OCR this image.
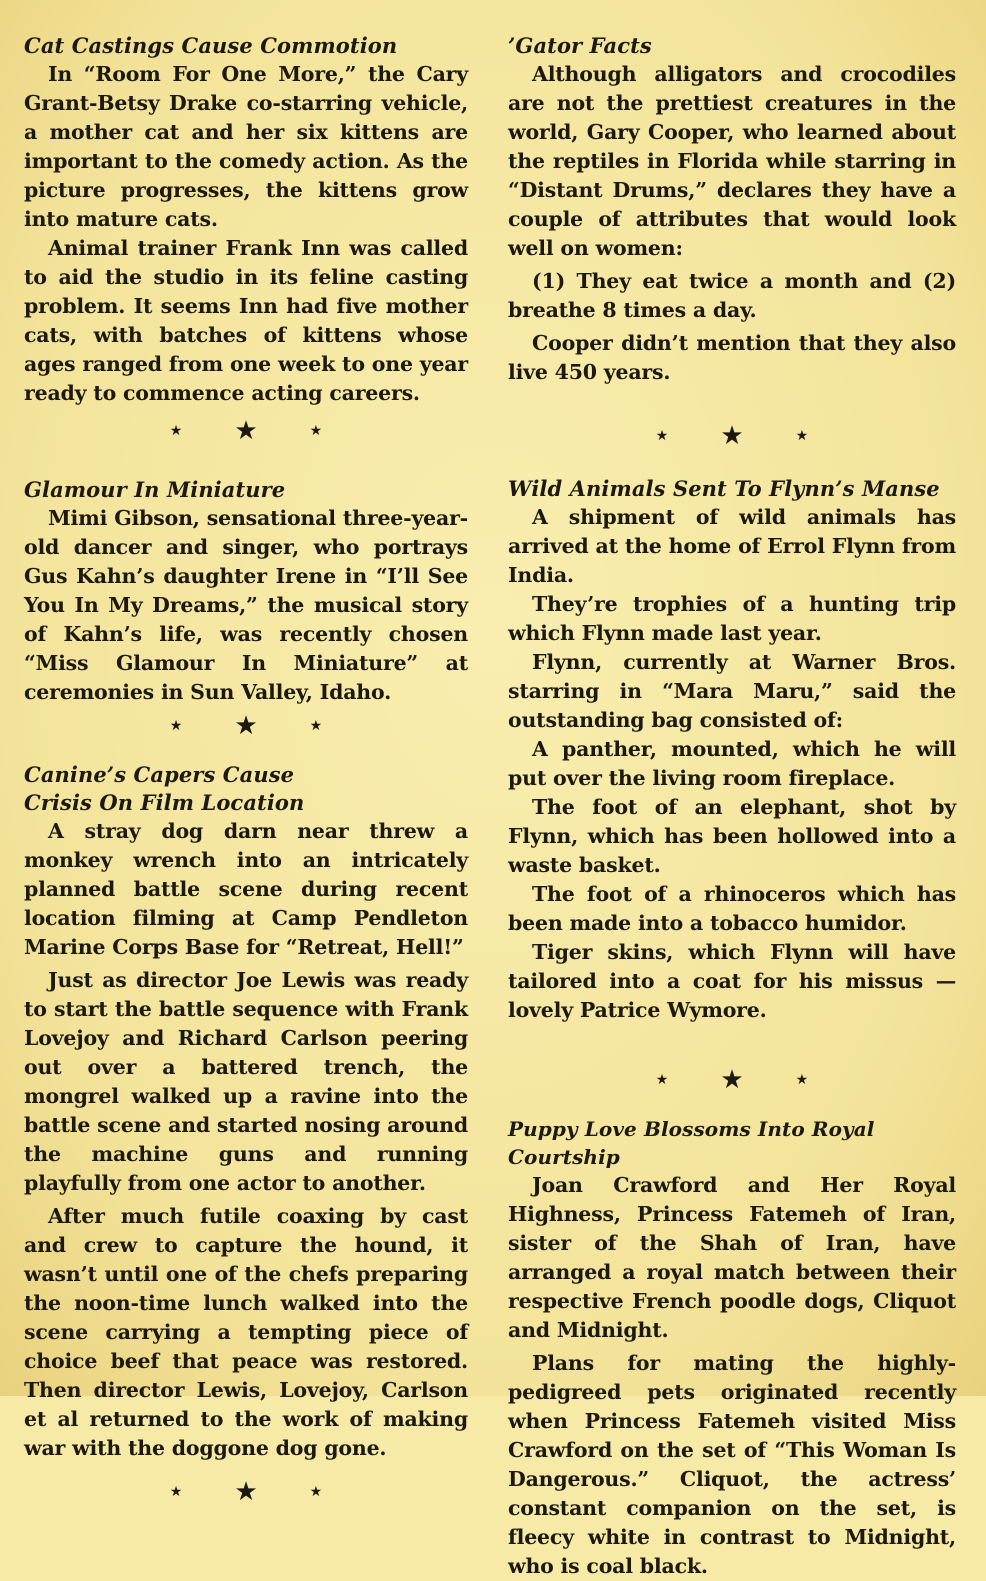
Cat Castings Cause Commotion

In “Room For One More,” the Cary Grant-Betsy Drake co-starring vehicle, a mother cat and her six kittens are important to the comedy action. As the picture progresses, the kittens grow into mature cats.

Animal trainer Frank Inn was called to aid the studio in its feline casting problem. It seems Inn had five mother cats, with batches of kittens whose ages ranged from one week to one year ready to commence acting careers.

★ ★	★

Glamour In Miniature

Mimi Gibson, sensational three-year-old dancer and singer, who portrays Gus Kahn’s daughter Irene in “I’ll See You In My Dreams,” the musical story of Kahn’s life, was recently chosen “Miss Glamour In Miniature” at ceremonies in Sun Valley, Idaho.

★ ★	★

Canine’s Capers Cause Crisis On Film Location

A stray dog darn near threw a monkey wrench into an intricately planned battle scene during recent location filming at Camp Pendleton Marine Corps Base for “Retreat, Hell!”

Just as director Joe Lewis was ready to start the battle sequence with Frank Lovejoy and Richard Carlson peering out over a battered trench, the mongrel walked up a ravine into the battle scene and started nosing around the machine guns and running playfully from one actor to another.

After much futile coaxing by cast and crew to capture the hound, it wasn’t until one of the chefs preparing the noon-time lunch walked into the scene carrying a tempting piece of choice beef that peace was restored. Then director Lewis, Lovejoy, Carlson et al returned to the work of making war with the doggone dog gone.

★ ★	★

’Gator Facts

Although alligators and crocodiles are not the prettiest creatures in the world, Gary Cooper, who learned about the reptiles in Florida while starring in “Distant Drums,” declares they have a couple of attributes that would look well on women:

(1) They eat twice a month and (2) breathe 8 times a day.

Cooper didn’t mention that they also live 450 years.

★ ★	★

Wild Animals Sent To Flynn’s Manse

A shipment of wild animals has arrived at the home of Errol Flynn from India.

They’re trophies of a hunting trip which Flynn made last year.

Flynn, currently at Warner Bros. starring in “Mara Maru,” said the outstanding bag consisted of:

A panther, mounted, which he will put over the living room fireplace.

The foot of an elephant, shot by Flynn, which has been hollowed into a waste basket.

The foot of a rhinoceros which has been made into a tobacco humidor.

Tiger skins, which Flynn will have tailored into a coat for his missus — lovely Patrice Wymore.

★ ★	★

Puppy Love Blossoms Into Royal Courtship

Joan Crawford and Her Royal Highness, Princess Fatemeh of Iran, sister of the Shah of Iran, have arranged a royal match between their respective French poodle dogs, Cliquot and Midnight.

Plans for mating the highly-pedigreed pets originated recently when Princess Fatemeh visited Miss Crawford on the set of “This Woman Is Dangerous.” Cliquot, the actress’ constant companion on the set, is fleecy white in contrast to Midnight, who is coal black.
